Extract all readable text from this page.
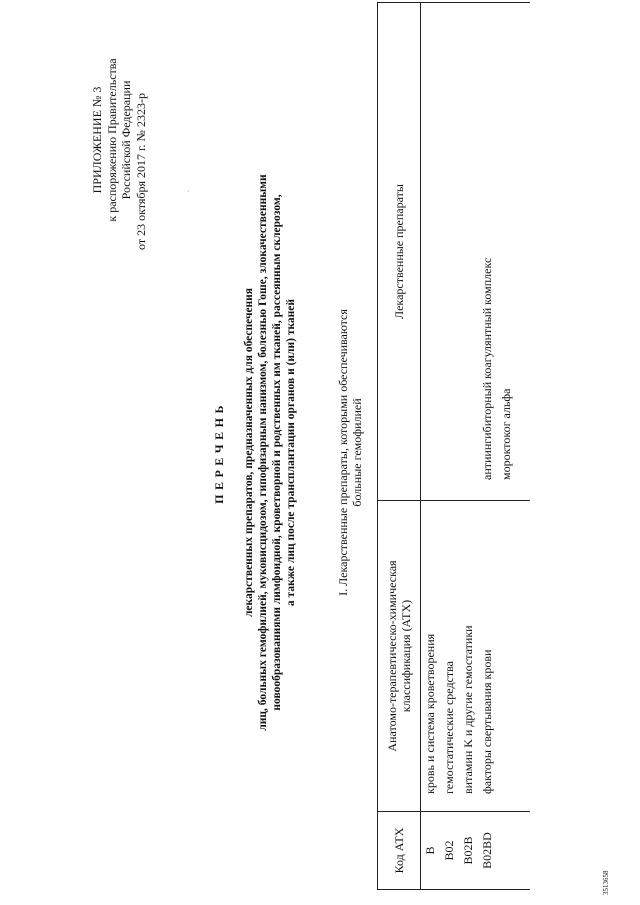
ПРИЛОЖЕНИЕ № 3 к распоряжению Правительства Российской Федерации от 23 октября 2017 г. № 2323-р	·
ПЕРЕЧЕНЬ лекарственных препаратов, предназначенных для обеспечения лиц, больных гемофилией, муковисцидозом, гипофизарным нанизмом, болезнью Гоше, злокачественными новообразованиями лимфоидной, кроветворной и родственных им тканей, рассеянным склерозом, а также лиц после трансплантации органов и (или) тканей	I. Лекарственные препараты, которыми обеспечиваются больные гемофилией
Код АТХ	Анатомо-терапевтическо-химическая классификация (АТХ)	Лекарственные препараты
B	кровь и система кроветворения	
B02	гемостатические средства	
B02B	витамин K и другие гемостатики	
B02BD	факторы свертывания крови	антиингибиторный коагулянтный комплекс
		мороктоког альфа

3513658
